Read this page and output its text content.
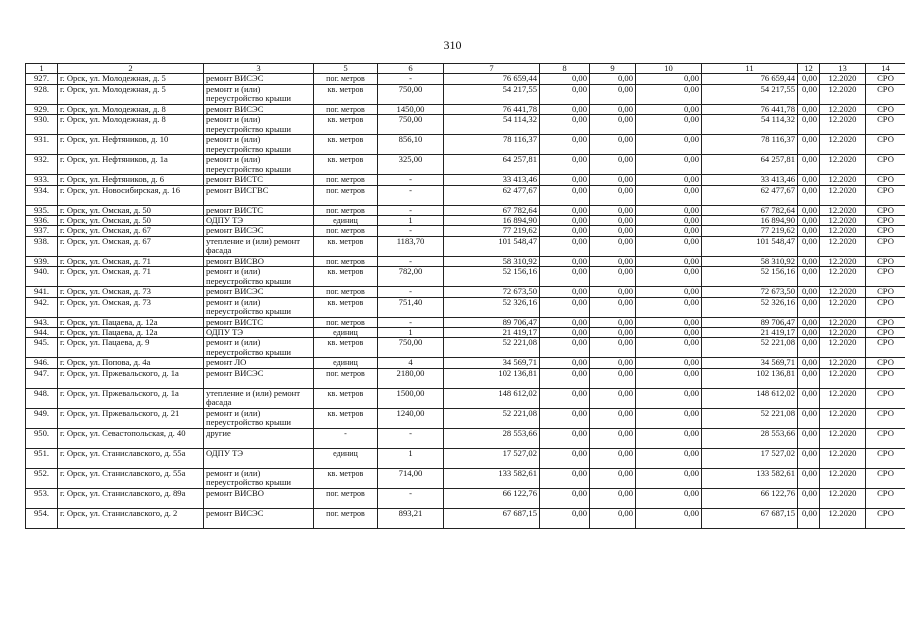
310
1	2	3	5	6	7	8	9	10	11	12	13	14
927.	г. Орск, ул. Молодежная, д. 5	ремонт ВИСЭС	пог. метров	-	76 659,44	0,00	0,00	0,00	76 659,44	0,00	12.2020	СРО
928.	г. Орск, ул. Молодежная, д. 5	ремонт и (или) переустройство крыши	кв. метров	750,00	54 217,55	0,00	0,00	0,00	54 217,55	0,00	12.2020	СРО
929.	г. Орск, ул. Молодежная, д. 8	ремонт ВИСЭС	пог. метров	1450,00	76 441,78	0,00	0,00	0,00	76 441,78	0,00	12.2020	СРО
930.	г. Орск, ул. Молодежная, д. 8	ремонт и (или) переустройство крыши	кв. метров	750,00	54 114,32	0,00	0,00	0,00	54 114,32	0,00	12.2020	СРО
931.	г. Орск, ул. Нефтяников, д. 10	ремонт и (или) переустройство крыши	кв. метров	856,10	78 116,37	0,00	0,00	0,00	78 116,37	0,00	12.2020	СРО
932.	г. Орск, ул. Нефтяников, д. 1а	ремонт и (или) переустройство крыши	кв. метров	325,00	64 257,81	0,00	0,00	0,00	64 257,81	0,00	12.2020	СРО
933.	г. Орск, ул. Нефтяников, д. 6	ремонт ВИСТС	пог. метров	-	33 413,46	0,00	0,00	0,00	33 413,46	0,00	12.2020	СРО
934.	г. Орск, ул. Новосибирская, д. 16	ремонт ВИСГВС	пог. метров	-	62 477,67	0,00	0,00	0,00	62 477,67	0,00	12.2020	СРО
935.	г. Орск, ул. Омская, д. 50	ремонт ВИСТС	пог. метров	-	67 782,64	0,00	0,00	0,00	67 782,64	0,00	12.2020	СРО
936.	г. Орск, ул. Омская, д. 50	ОДПУ ТЭ	единиц	1	16 894,90	0,00	0,00	0,00	16 894,90	0,00	12.2020	СРО
937.	г. Орск, ул. Омская, д. 67	ремонт ВИСЭС	пог. метров	-	77 219,62	0,00	0,00	0,00	77 219,62	0,00	12.2020	СРО
938.	г. Орск, ул. Омская, д. 67	утепление и (или) ремонт фасада	кв. метров	1183,70	101 548,47	0,00	0,00	0,00	101 548,47	0,00	12.2020	СРО
939.	г. Орск, ул. Омская, д. 71	ремонт ВИСВО	пог. метров	-	58 310,92	0,00	0,00	0,00	58 310,92	0,00	12.2020	СРО
940.	г. Орск, ул. Омская, д. 71	ремонт и (или) переустройство крыши	кв. метров	782,00	52 156,16	0,00	0,00	0,00	52 156,16	0,00	12.2020	СРО
941.	г. Орск, ул. Омская, д. 73	ремонт ВИСЭС	пог. метров	-	72 673,50	0,00	0,00	0,00	72 673,50	0,00	12.2020	СРО
942.	г. Орск, ул. Омская, д. 73	ремонт и (или) переустройство крыши	кв. метров	751,40	52 326,16	0,00	0,00	0,00	52 326,16	0,00	12.2020	СРО
943.	г. Орск, ул. Пацаева, д. 12а	ремонт ВИСТС	пог. метров	-	89 706,47	0,00	0,00	0,00	89 706,47	0,00	12.2020	СРО
944.	г. Орск, ул. Пацаева, д. 12а	ОДПУ ТЭ	единиц	1	21 419,17	0,00	0,00	0,00	21 419,17	0,00	12.2020	СРО
945.	г. Орск, ул. Пацаева, д. 9	ремонт и (или) переустройство крыши	кв. метров	750,00	52 221,08	0,00	0,00	0,00	52 221,08	0,00	12.2020	СРО
946.	г. Орск, ул. Попова, д. 4а	ремонт ЛО	единиц	4	34 569,71	0,00	0,00	0,00	34 569,71	0,00	12.2020	СРО
947.	г. Орск, ул. Пржевальского, д. 1а	ремонт ВИСЭС	пог. метров	2180,00	102 136,81	0,00	0,00	0,00	102 136,81	0,00	12.2020	СРО
948.	г. Орск, ул. Пржевальского, д. 1а	утепление и (или) ремонт фасада	кв. метров	1500,00	148 612,02	0,00	0,00	0,00	148 612,02	0,00	12.2020	СРО
949.	г. Орск, ул. Пржевальского, д. 21	ремонт и (или) переустройство крыши	кв. метров	1240,00	52 221,08	0,00	0,00	0,00	52 221,08	0,00	12.2020	СРО
950.	г. Орск, ул. Севастопольская, д. 40	другие	-	-	28 553,66	0,00	0,00	0,00	28 553,66	0,00	12.2020	СРО
951.	г. Орск, ул. Станиславского, д. 55а	ОДПУ ТЭ	единиц	1	17 527,02	0,00	0,00	0,00	17 527,02	0,00	12.2020	СРО
952.	г. Орск, ул. Станиславского, д. 55а	ремонт и (или) переустройство крыши	кв. метров	714,00	133 582,61	0,00	0,00	0,00	133 582,61	0,00	12.2020	СРО
953.	г. Орск, ул. Станиславского, д. 89а	ремонт ВИСВО	пог. метров	-	66 122,76	0,00	0,00	0,00	66 122,76	0,00	12.2020	СРО
954.	г. Орск, ул. Станиславского, д. 2	ремонт ВИСЭС	пог. метров	893,21	67 687,15	0,00	0,00	0,00	67 687,15	0,00	12.2020	СРО
